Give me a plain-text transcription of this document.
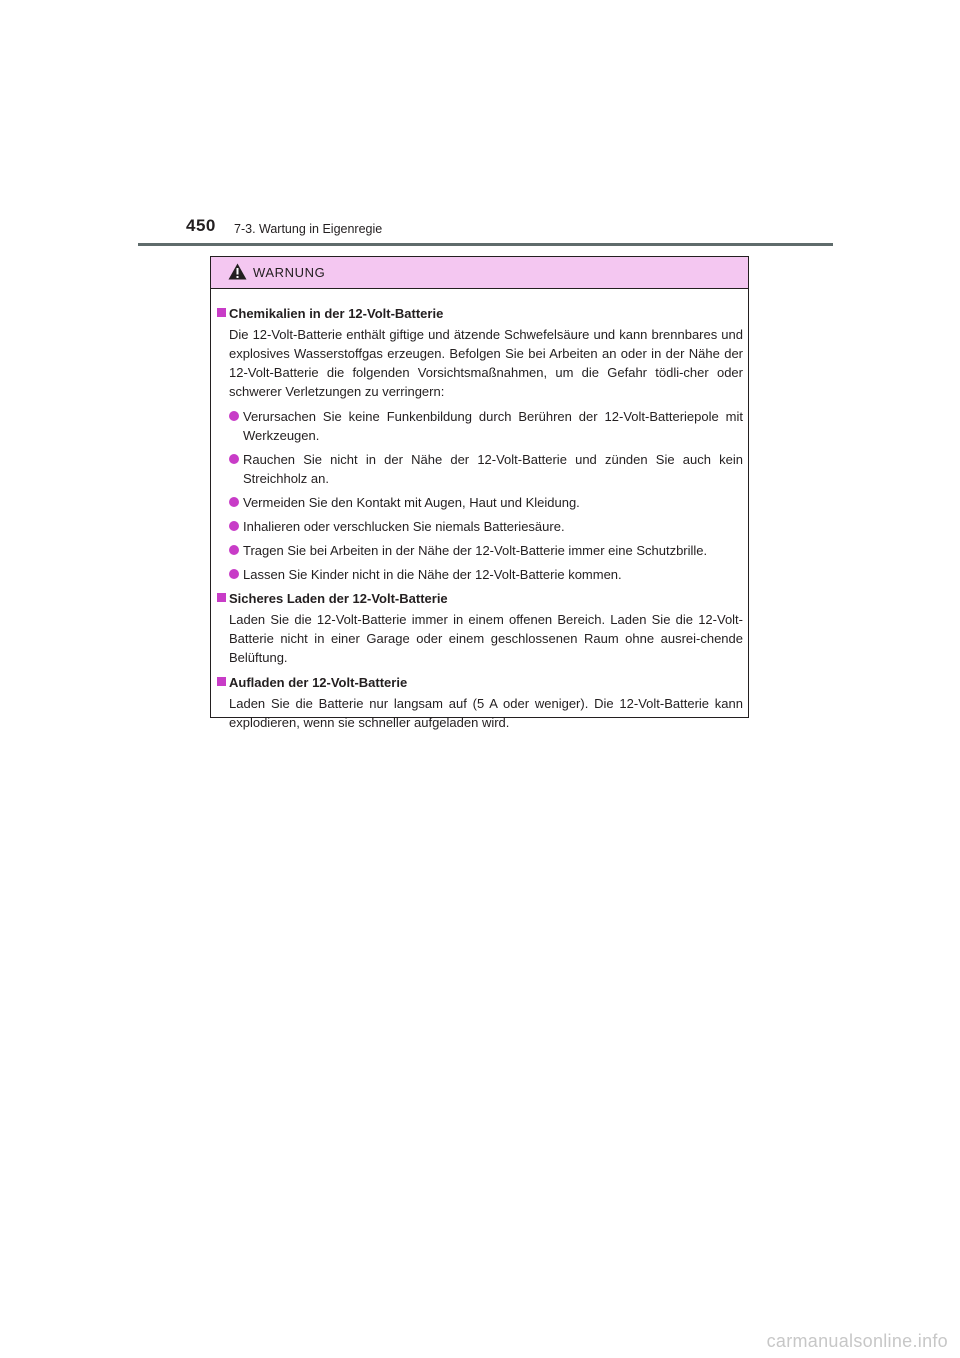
450 7-3. Wartung in Eigenregie
WARNUNG

Chemikalien in der 12-Volt-Batterie

Die 12-Volt-Batterie enthält giftige und ätzende Schwefelsäure und kann brennbares und explosives Wasserstoffgas erzeugen. Befolgen Sie bei Arbeiten an oder in der Nähe der 12-Volt-Batterie die folgenden Vorsichtsmaßnahmen, um die Gefahr tödli-cher oder schwerer Verletzungen zu verringern:

Verursachen Sie keine Funkenbildung durch Berühren der 12-Volt-Batteriepole mit Werkzeugen.
Rauchen Sie nicht in der Nähe der 12-Volt-Batterie und zünden Sie auch kein Streichholz an.
Vermeiden Sie den Kontakt mit Augen, Haut und Kleidung.
Inhalieren oder verschlucken Sie niemals Batteriesäure.
Tragen Sie bei Arbeiten in der Nähe der 12-Volt-Batterie immer eine Schutzbrille.
Lassen Sie Kinder nicht in die Nähe der 12-Volt-Batterie kommen.

Sicheres Laden der 12-Volt-Batterie

Laden Sie die 12-Volt-Batterie immer in einem offenen Bereich. Laden Sie die 12-Volt-Batterie nicht in einer Garage oder einem geschlossenen Raum ohne ausrei-chende Belüftung.

Aufladen der 12-Volt-Batterie

Laden Sie die Batterie nur langsam auf (5 A oder weniger). Die 12-Volt-Batterie kann explodieren, wenn sie schneller aufgeladen wird.

carmanualsonline.info
